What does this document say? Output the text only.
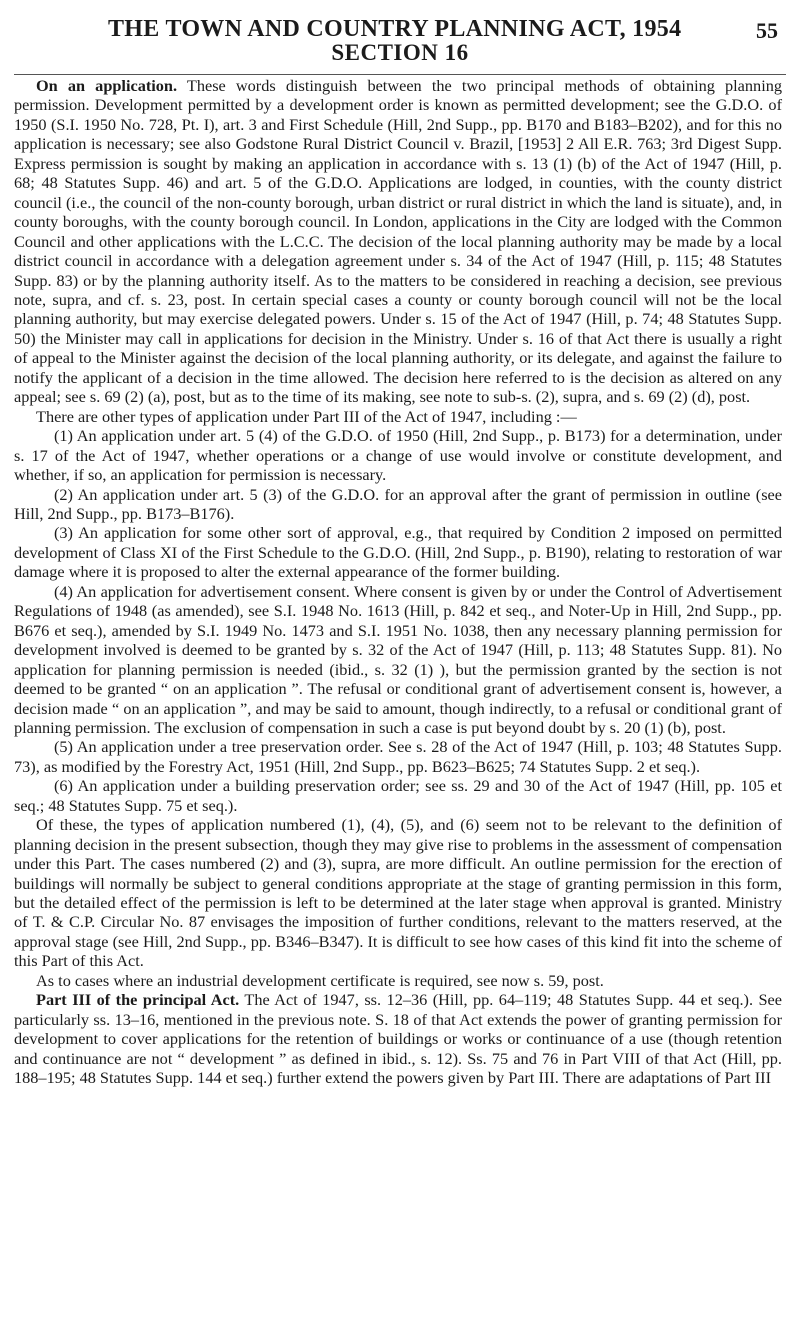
THE TOWN AND COUNTRY PLANNING ACT, 1954	55
SECTION 16

On an application. These words distinguish between the two principal methods of obtaining planning permission. Development permitted by a development order is known as permitted development; see the G.D.O. of 1950 (S.I. 1950 No. 728, Pt. I), art. 3 and First Schedule (Hill, 2nd Supp., pp. B170 and B183–B202), and for this no application is necessary; see also Godstone Rural District Council v. Brazil, [1953] 2 All E.R. 763; 3rd Digest Supp. Express permission is sought by making an application in accordance with s. 13 (1) (b) of the Act of 1947 (Hill, p. 68; 48 Statutes Supp. 46) and art. 5 of the G.D.O. Applications are lodged, in counties, with the county district council (i.e., the council of the non-county borough, urban district or rural district in which the land is situate), and, in county boroughs, with the county borough council. In London, applications in the City are lodged with the Common Council and other applications with the L.C.C. The decision of the local planning authority may be made by a local district council in accordance with a delegation agreement under s. 34 of the Act of 1947 (Hill, p. 115; 48 Statutes Supp. 83) or by the planning authority itself. As to the matters to be considered in reaching a decision, see previous note, supra, and cf. s. 23, post. In certain special cases a county or county borough council will not be the local planning authority, but may exercise delegated powers. Under s. 15 of the Act of 1947 (Hill, p. 74; 48 Statutes Supp. 50) the Minister may call in applications for decision in the Ministry. Under s. 16 of that Act there is usually a right of appeal to the Minister against the decision of the local planning authority, or its delegate, and against the failure to notify the applicant of a decision in the time allowed. The decision here referred to is the decision as altered on any appeal; see s. 69 (2) (a), post, but as to the time of its making, see note to sub-s. (2), supra, and s. 69 (2) (d), post.

There are other types of application under Part III of the Act of 1947, including :—

(1) An application under art. 5 (4) of the G.D.O. of 1950 (Hill, 2nd Supp., p. B173) for a determination, under s. 17 of the Act of 1947, whether operations or a change of use would involve or constitute development, and whether, if so, an application for permission is necessary.

(2) An application under art. 5 (3) of the G.D.O. for an approval after the grant of permission in outline (see Hill, 2nd Supp., pp. B173–B176).

(3) An application for some other sort of approval, e.g., that required by Condition 2 imposed on permitted development of Class XI of the First Schedule to the G.D.O. (Hill, 2nd Supp., p. B190), relating to restoration of war damage where it is proposed to alter the external appearance of the former building.

(4) An application for advertisement consent. Where consent is given by or under the Control of Advertisement Regulations of 1948 (as amended), see S.I. 1948 No. 1613 (Hill, p. 842 et seq., and Noter-Up in Hill, 2nd Supp., pp. B676 et seq.), amended by S.I. 1949 No. 1473 and S.I. 1951 No. 1038, then any necessary planning permission for development involved is deemed to be granted by s. 32 of the Act of 1947 (Hill, p. 113; 48 Statutes Supp. 81). No application for planning permission is needed (ibid., s. 32 (1) ), but the permission granted by the section is not deemed to be granted “ on an application ”. The refusal or conditional grant of advertisement consent is, however, a decision made “ on an application ”, and may be said to amount, though indirectly, to a refusal or conditional grant of planning permission. The exclusion of compensation in such a case is put beyond doubt by s. 20 (1) (b), post.

(5) An application under a tree preservation order. See s. 28 of the Act of 1947 (Hill, p. 103; 48 Statutes Supp. 73), as modified by the Forestry Act, 1951 (Hill, 2nd Supp., pp. B623–B625; 74 Statutes Supp. 2 et seq.).

(6) An application under a building preservation order; see ss. 29 and 30 of the Act of 1947 (Hill, pp. 105 et seq.; 48 Statutes Supp. 75 et seq.).

Of these, the types of application numbered (1), (4), (5), and (6) seem not to be relevant to the definition of planning decision in the present subsection, though they may give rise to problems in the assessment of compensation under this Part. The cases numbered (2) and (3), supra, are more difficult. An outline permission for the erection of buildings will normally be subject to general conditions appropriate at the stage of granting permission in this form, but the detailed effect of the permission is left to be determined at the later stage when approval is granted. Ministry of T. & C.P. Circular No. 87 envisages the imposition of further conditions, relevant to the matters reserved, at the approval stage (see Hill, 2nd Supp., pp. B346–B347). It is difficult to see how cases of this kind fit into the scheme of this Part of this Act.

As to cases where an industrial development certificate is required, see now s. 59, post.

Part III of the principal Act. The Act of 1947, ss. 12–36 (Hill, pp. 64–119; 48 Statutes Supp. 44 et seq.). See particularly ss. 13–16, mentioned in the previous note. S. 18 of that Act extends the power of granting permission for development to cover applications for the retention of buildings or works or continuance of a use (though retention and continuance are not “ development ” as defined in ibid., s. 12). Ss. 75 and 76 in Part VIII of that Act (Hill, pp. 188–195; 48 Statutes Supp. 144 et seq.) further extend the powers given by Part III. There are adaptations of Part III
